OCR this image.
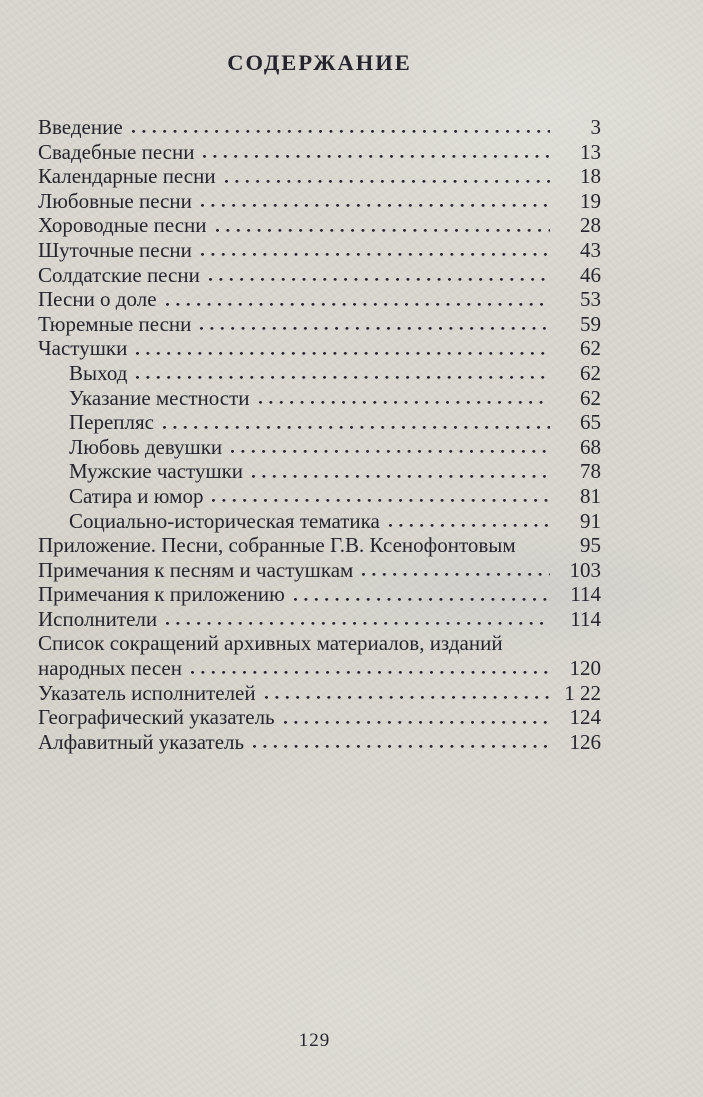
СОДЕРЖАНИЕ
Введение	3
Свадебные песни	13
Календарные песни	18
Любовные песни	19
Хороводные песни	28
Шуточные песни	43
Солдатские песни	46
Песни о доле	53
Тюремные песни	59
Частушки	62
Выход	62
Указание местности	62
Перепляс	65
Любовь девушки	68
Мужские частушки	78
Сатира и юмор	81
Социально-историческая тематика	91
Приложение. Песни, собранные Г.В. Ксенофонтовым	95
Примечания к песням и частушкам	103
Примечания к приложению	114
Исполнители	114
Список сокращений архивных материалов, изданий
народных песен	120
Указатель исполнителей	1 22
Географический указатель	124
Алфавитный указатель	126
129
